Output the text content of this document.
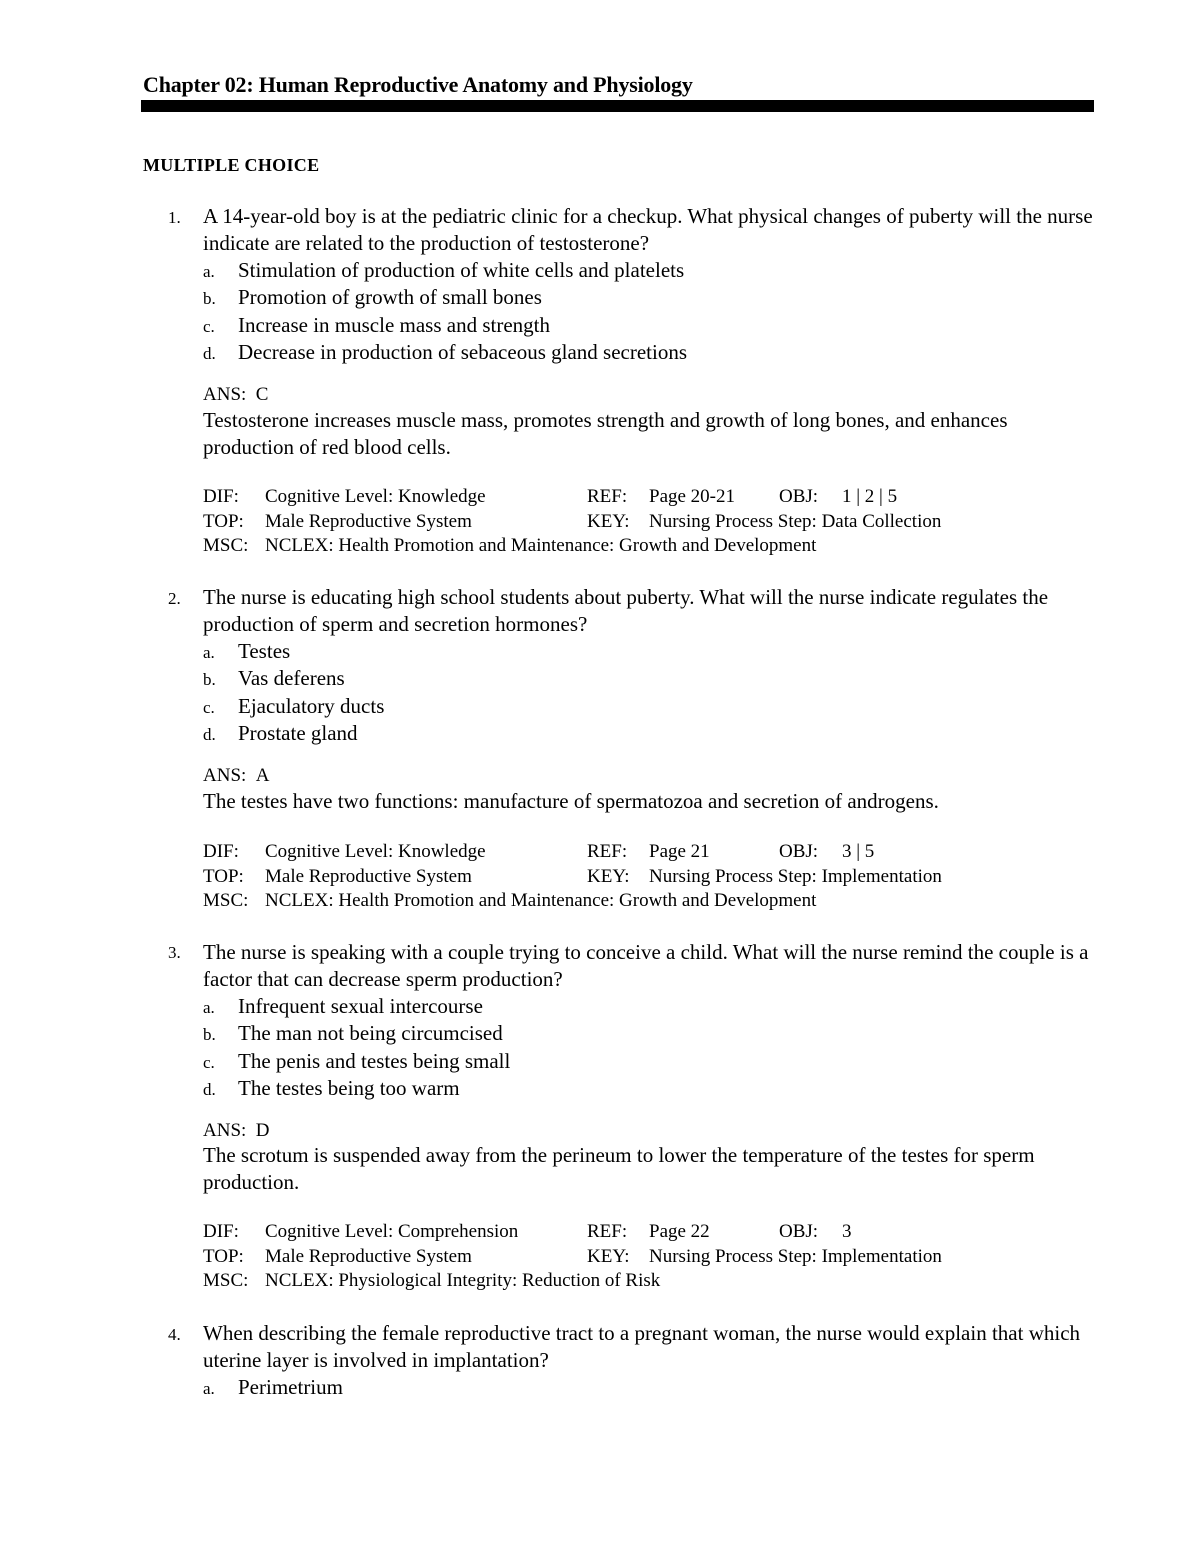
Chapter 02: Human Reproductive Anatomy and Physiology
MULTIPLE CHOICE
1. A 14-year-old boy is at the pediatric clinic for a checkup. What physical changes of puberty will the nurse indicate are related to the production of testosterone?
a. Stimulation of production of white cells and platelets
b. Promotion of growth of small bones
c. Increase in muscle mass and strength
d. Decrease in production of sebaceous gland secretions
ANS: C
Testosterone increases muscle mass, promotes strength and growth of long bones, and enhances production of red blood cells.
DIF: Cognitive Level: Knowledge	REF: Page 20-21 OBJ: 1 | 2 | 5
TOP: Male Reproductive System	KEY: Nursing Process Step: Data Collection
MSC: NCLEX: Health Promotion and Maintenance: Growth and Development
2. The nurse is educating high school students about puberty. What will the nurse indicate regulates the production of sperm and secretion hormones?
a. Testes
b. Vas deferens
c. Ejaculatory ducts
d. Prostate gland
ANS: A
The testes have two functions: manufacture of spermatozoa and secretion of androgens.
DIF: Cognitive Level: Knowledge	REF: Page 21	OBJ: 3 | 5
TOP: Male Reproductive System	KEY: Nursing Process Step: Implementation
MSC: NCLEX: Health Promotion and Maintenance: Growth and Development
3. The nurse is speaking with a couple trying to conceive a child. What will the nurse remind the couple is a factor that can decrease sperm production?
a. Infrequent sexual intercourse
b. The man not being circumcised
c. The penis and testes being small
d. The testes being too warm
ANS: D
The scrotum is suspended away from the perineum to lower the temperature of the testes for sperm production.
DIF: Cognitive Level: Comprehension	REF: Page 22	OBJ: 3
TOP: Male Reproductive System	KEY: Nursing Process Step: Implementation
MSC: NCLEX: Physiological Integrity: Reduction of Risk
4. When describing the female reproductive tract to a pregnant woman, the nurse would explain that which uterine layer is involved in implantation?
a. Perimetrium
